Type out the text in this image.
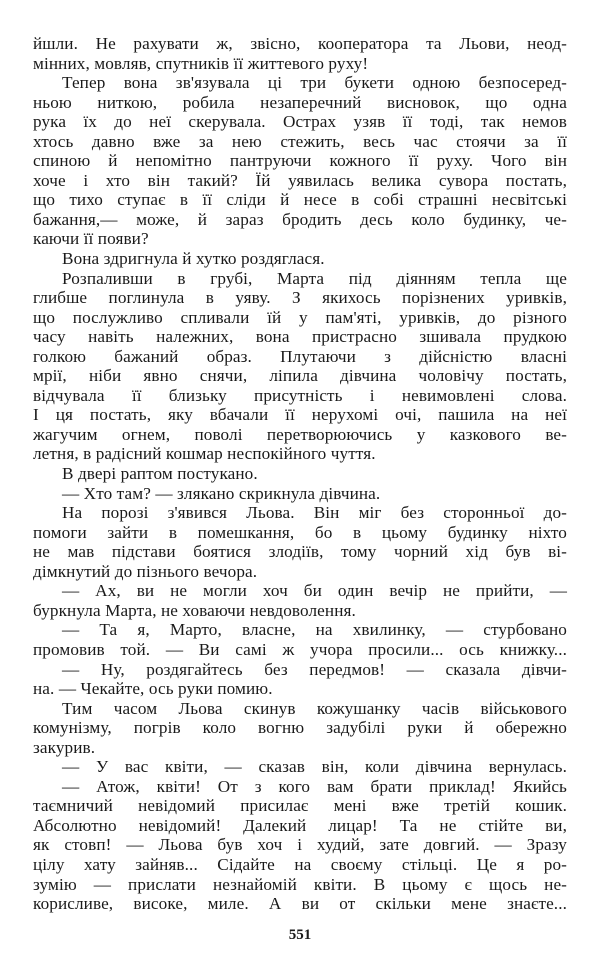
йшли. Не рахувати ж, звісно, кооператора та Льови, неод-
мінних, мовляв, спутників її життевого руху!
Тепер вона зв'язувала ці три букети одною безпосеред-
ньою ниткою, робила незаперечний висновок, що одна
рука їх до неї скерувала. Острах узяв її тоді, так немов
хтось давно вже за нею стежить, весь час стоячи за її
спиною й непомітно пантруючи кожного її руху. Чого він
хоче і хто він такий? Їй уявилась велика сувора постать,
що тихо ступає в її сліди й несе в собі страшні несвітські
бажання,— може, й зараз бродить десь коло будинку, че-
каючи її появи?
Вона здригнула й хутко роздяглася.
Розпаливши в грубі, Марта під діянням тепла ще
глибше поглинула в уяву. З якихось порізнених уривків,
що послужливо спливали їй у пам'яті, уривків, до різного
часу навіть належних, вона пристрасно зшивала прудкою
голкою бажаний образ. Плутаючи з дійсністю власні
мрії, ніби явно снячи, ліпила дівчина чоловічу постать,
відчувала її близьку присутність і невимовлені слова.
І ця постать, яку вбачали її нерухомі очі, пашила на неї
жагучим огнем, поволі перетворюючись у казкового ве-
летня, в радісний кошмар неспокійного чуття.
В двері раптом постукано.
— Хто там? — злякано скрикнула дівчина.
На порозі з'явився Льова. Він міг без сторонньої до-
помоги зайти в помешкання, бо в цьому будинку ніхто
не мав підстави боятися злодіїв, тому чорний хід був ві-
дімкнутий до пізнього вечора.
— Ах, ви не могли хоч би один вечір не прийти, —
буркнула Марта, не ховаючи невдоволення.
— Та я, Марто, власне, на хвилинку, — стурбовано
промовив той. — Ви самі ж учора просили... ось книжку...
— Ну, роздягайтесь без передмов! — сказала дівчи-
на. — Чекайте, ось руки помию.
Тим часом Льова скинув кожушанку часів військового
комунізму, погрів коло вогню задубілі руки й обережно
закурив.
— У вас квіти, — сказав він, коли дівчина вернулась.
— Атож, квіти! От з кого вам брати приклад! Якийсь
таємничий невідомий присилає мені вже третій кошик.
Абсолютно невідомий! Далекий лицар! Та не стійте ви,
як стовп! — Льова був хоч і худий, зате довгий. — Зразу
цілу хату зайняв... Сідайте на своєму стільці. Це я ро-
зумію — прислати незнайомій квіти. В цьому є щось не-
корисливе, високе, миле. А ви от скільки мене знаєте...
551
